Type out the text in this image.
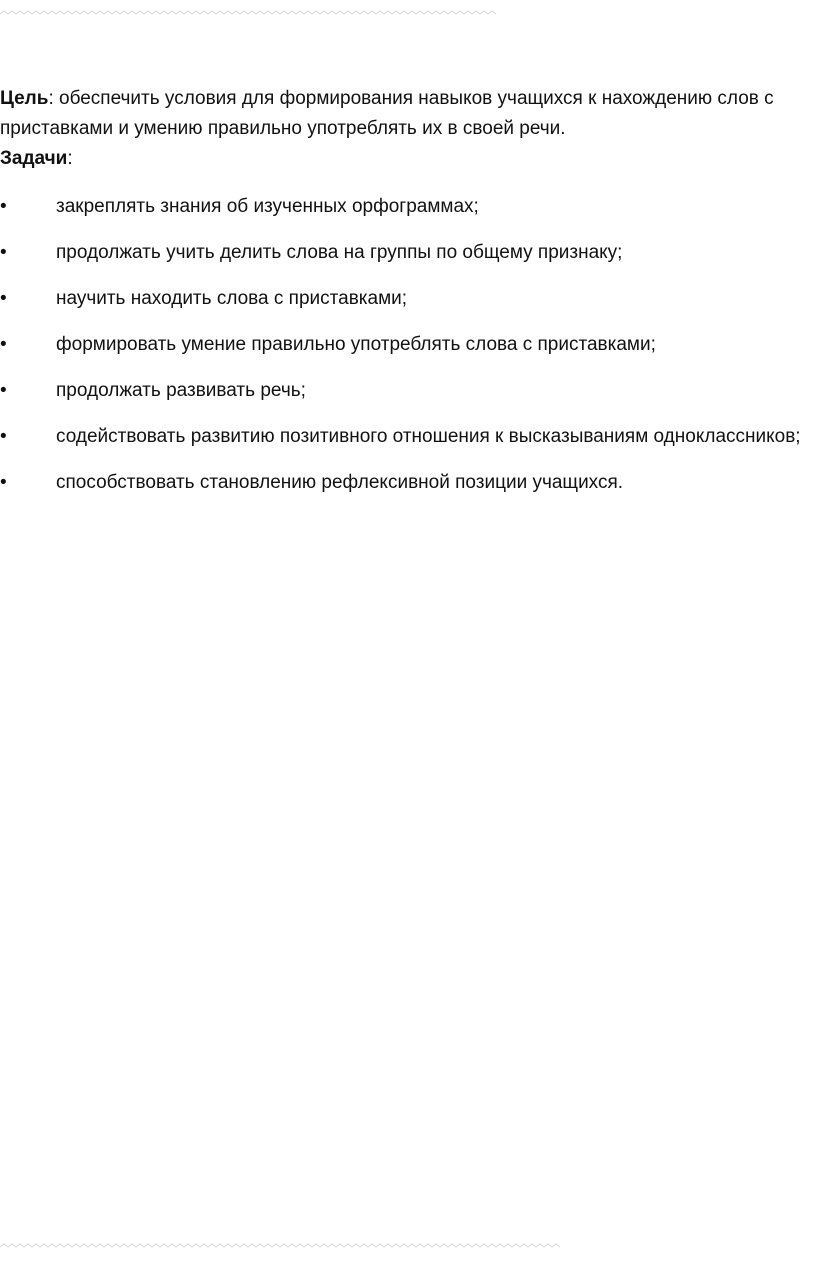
Цель: обеспечить условия для формирования навыков учащихся к нахождению слов с приставками и умению правильно употреблять их в своей речи.

Задачи:

•	закреплять знания об изученных орфограммах;
•	продолжать учить делить слова на группы по общему признаку;
•	научить находить слова с приставками;
•	формировать умение правильно употреблять слова с приставками;
•	продолжать развивать речь;
•	содействовать развитию позитивного отношения к высказываниям одноклассников;
•	способствовать становлению рефлексивной позиции учащихся.
